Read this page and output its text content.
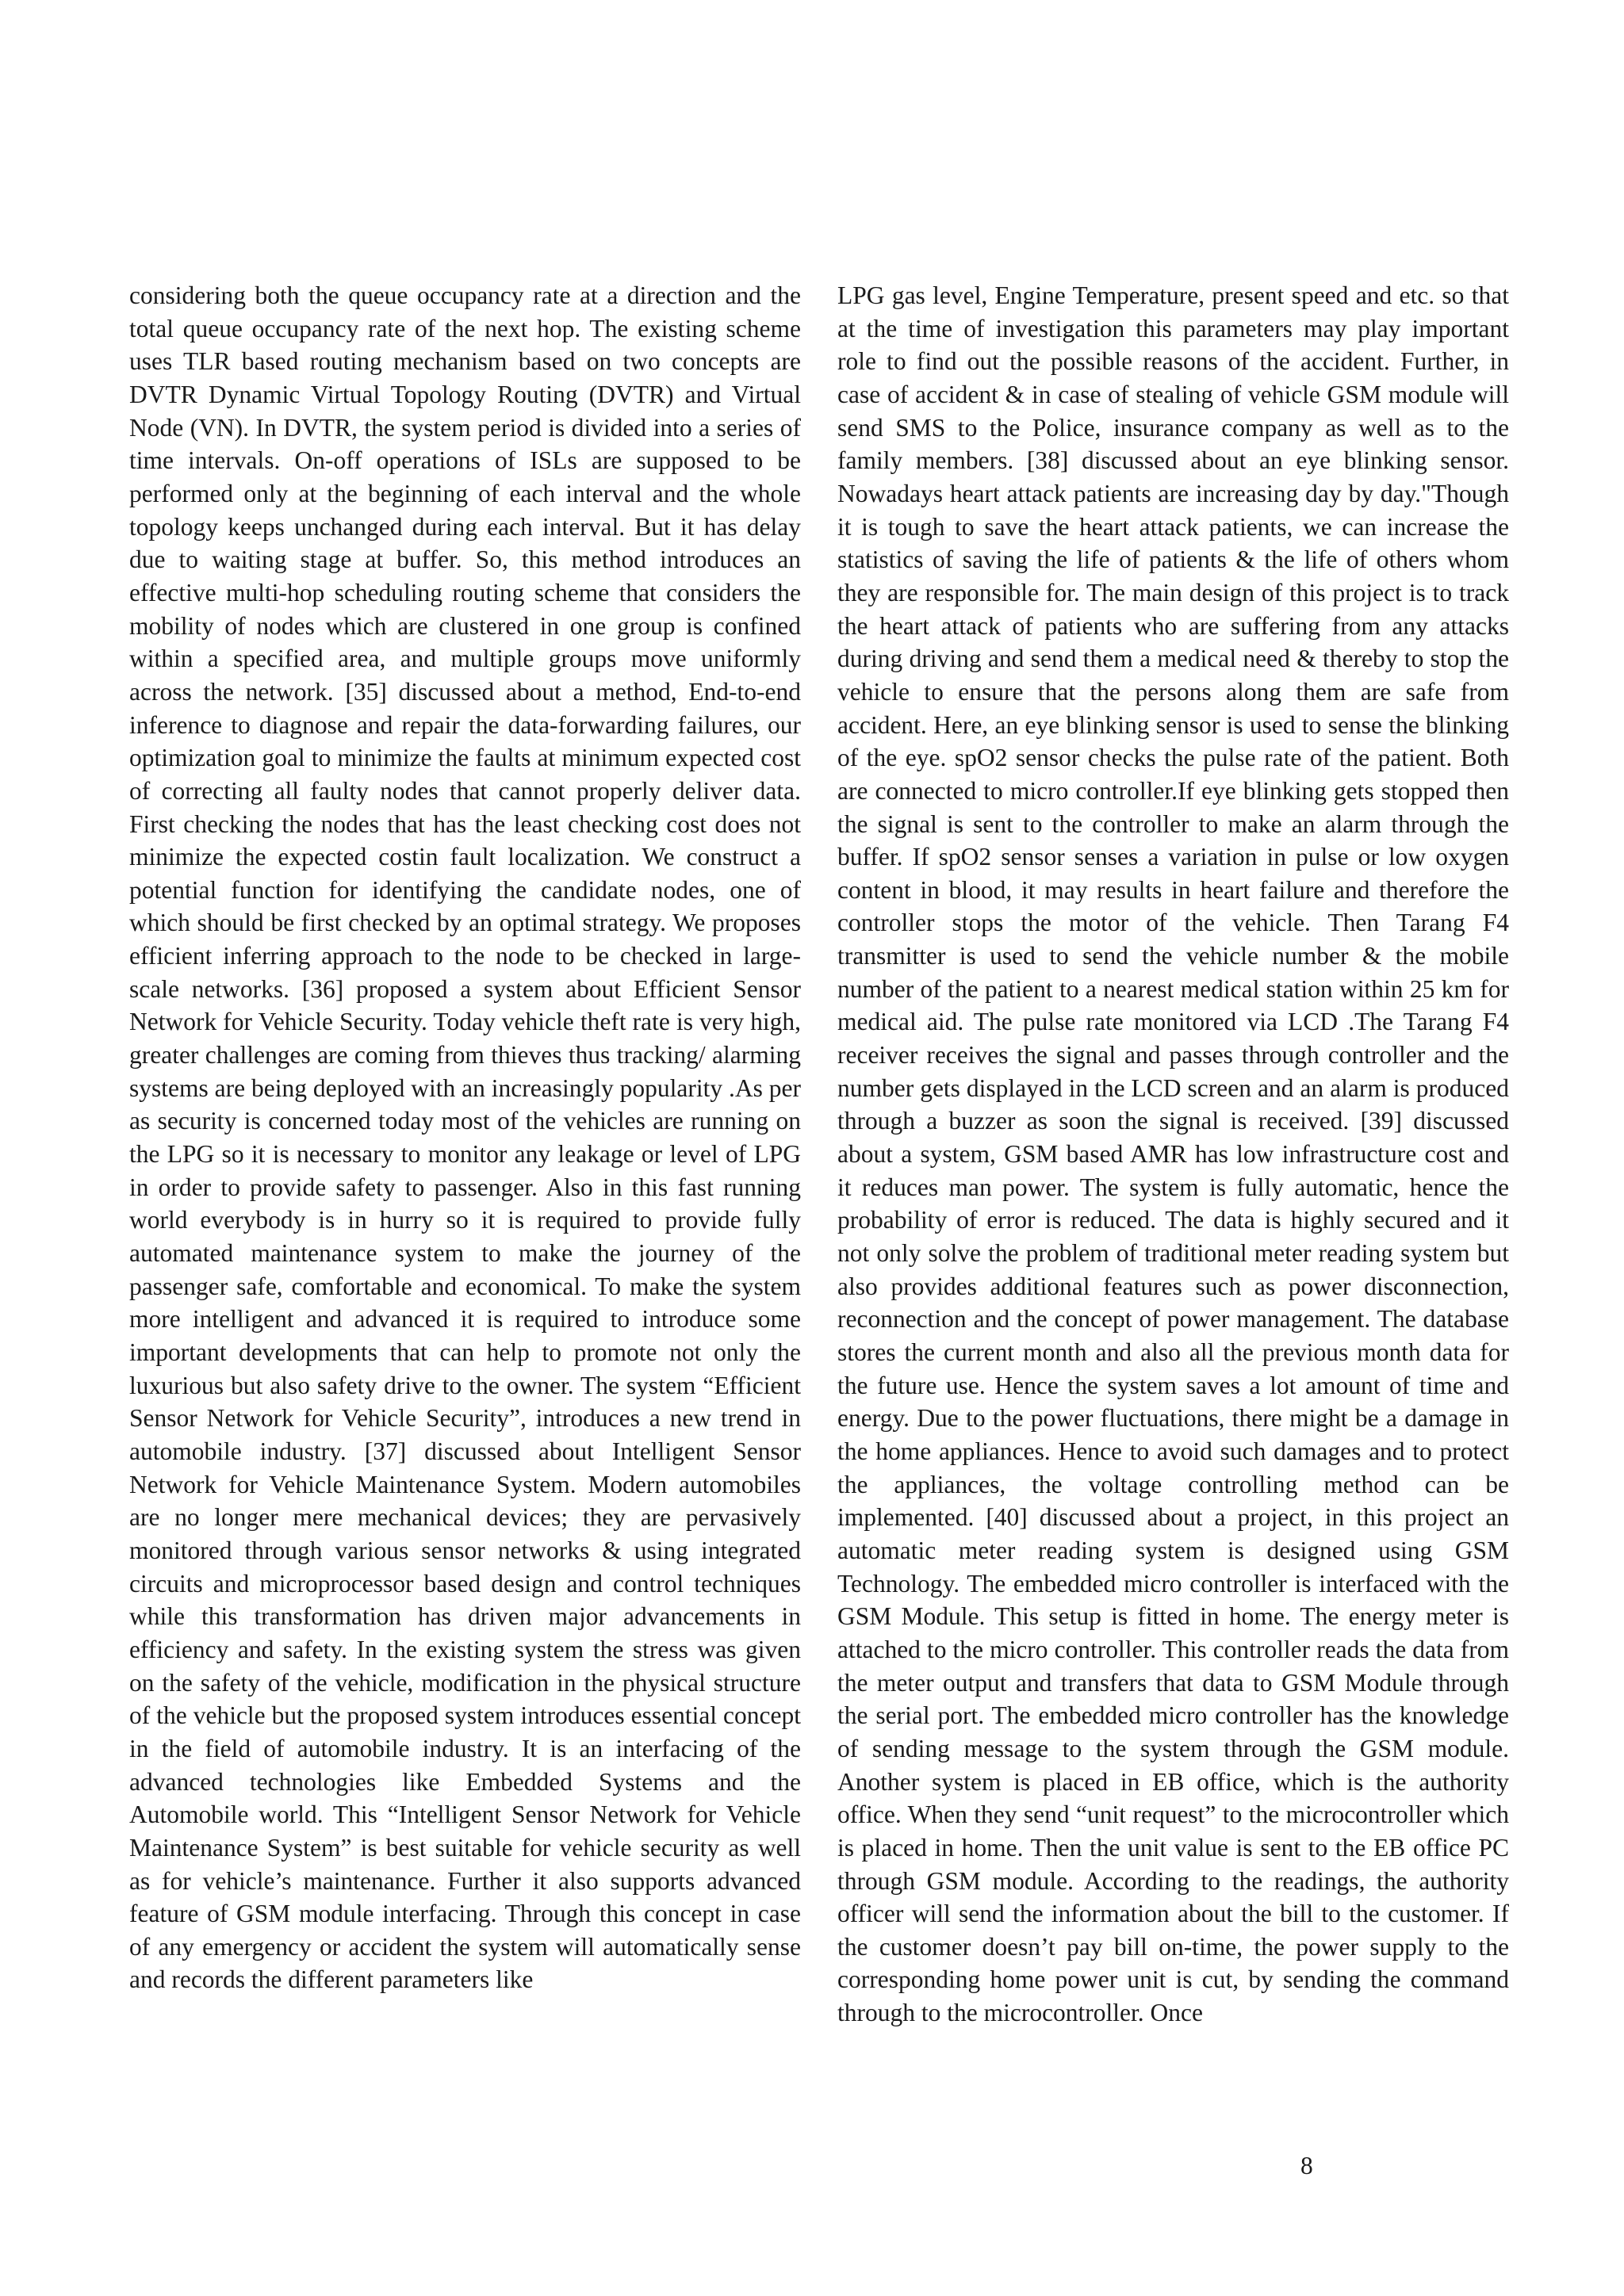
considering both the queue occupancy rate at a direction and the total queue occupancy rate of the next hop. The existing scheme uses TLR based routing mechanism based on two concepts are DVTR Dynamic Virtual Topology Routing (DVTR) and Virtual Node (VN). In DVTR, the system period is divided into a series of time intervals. On-off operations of ISLs are supposed to be performed only at the beginning of each interval and the whole topology keeps unchanged during each interval. But it has delay due to waiting stage at buffer. So, this method introduces an effective multi-hop scheduling routing scheme that considers the mobility of nodes which are clustered in one group is confined within a specified area, and multiple groups move uniformly across the network. [35] discussed about a method, End-to-end inference to diagnose and repair the data-forwarding failures, our optimization goal to minimize the faults at minimum expected cost of correcting all faulty nodes that cannot properly deliver data. First checking the nodes that has the least checking cost does not minimize the expected costin fault localization. We construct a potential function for identifying the candidate nodes, one of which should be first checked by an optimal strategy. We proposes efficient inferring approach to the node to be checked in large-scale networks. [36] proposed a system about Efficient Sensor Network for Vehicle Security. Today vehicle theft rate is very high, greater challenges are coming from thieves thus tracking/ alarming systems are being deployed with an increasingly popularity .As per as security is concerned today most of the vehicles are running on the LPG so it is necessary to monitor any leakage or level of LPG in order to provide safety to passenger. Also in this fast running world everybody is in hurry so it is required to provide fully automated maintenance system to make the journey of the passenger safe, comfortable and economical. To make the system more intelligent and advanced it is required to introduce some important developments that can help to promote not only the luxurious but also safety drive to the owner. The system “Efficient Sensor Network for Vehicle Security”, introduces a new trend in automobile industry. [37] discussed about Intelligent Sensor Network for Vehicle Maintenance System. Modern automobiles are no longer mere mechanical devices; they are pervasively monitored through various sensor networks & using integrated circuits and microprocessor based design and control techniques while this transformation has driven major advancements in efficiency and safety. In the existing system the stress was given on the safety of the vehicle, modification in the physical structure of the vehicle but the proposed system introduces essential concept in the field of automobile industry. It is an interfacing of the advanced technologies like Embedded Systems and the Automobile world. This “Intelligent Sensor Network for Vehicle Maintenance System” is best suitable for vehicle security as well as for vehicle’s maintenance. Further it also supports advanced feature of GSM module interfacing. Through this concept in case of any emergency or accident the system will automatically sense and records the different parameters like

LPG gas level, Engine Temperature, present speed and etc. so that at the time of investigation this parameters may play important role to find out the possible reasons of the accident. Further, in case of accident & in case of stealing of vehicle GSM module will send SMS to the Police, insurance company as well as to the family members. [38] discussed about an eye blinking sensor. Nowadays heart attack patients are increasing day by day."Though it is tough to save the heart attack patients, we can increase the statistics of saving the life of patients & the life of others whom they are responsible for. The main design of this project is to track the heart attack of patients who are suffering from any attacks during driving and send them a medical need & thereby to stop the vehicle to ensure that the persons along them are safe from accident. Here, an eye blinking sensor is used to sense the blinking of the eye. spO2 sensor checks the pulse rate of the patient. Both are connected to micro controller.If eye blinking gets stopped then the signal is sent to the controller to make an alarm through the buffer. If spO2 sensor senses a variation in pulse or low oxygen content in blood, it may results in heart failure and therefore the controller stops the motor of the vehicle. Then Tarang F4 transmitter is used to send the vehicle number & the mobile number of the patient to a nearest medical station within 25 km for medical aid. The pulse rate monitored via LCD .The Tarang F4 receiver receives the signal and passes through controller and the number gets displayed in the LCD screen and an alarm is produced through a buzzer as soon the signal is received. [39] discussed about a system, GSM based AMR has low infrastructure cost and it reduces man power. The system is fully automatic, hence the probability of error is reduced. The data is highly secured and it not only solve the problem of traditional meter reading system but also provides additional features such as power disconnection, reconnection and the concept of power management. The database stores the current month and also all the previous month data for the future use. Hence the system saves a lot amount of time and energy. Due to the power fluctuations, there might be a damage in the home appliances. Hence to avoid such damages and to protect the appliances, the voltage controlling method can be implemented. [40] discussed about a project, in this project an automatic meter reading system is designed using GSM Technology. The embedded micro controller is interfaced with the GSM Module. This setup is fitted in home. The energy meter is attached to the micro controller. This controller reads the data from the meter output and transfers that data to GSM Module through the serial port. The embedded micro controller has the knowledge of sending message to the system through the GSM module. Another system is placed in EB office, which is the authority office. When they send “unit request” to the microcontroller which is placed in home. Then the unit value is sent to the EB office PC through GSM module. According to the readings, the authority officer will send the information about the bill to the customer. If the customer doesn’t pay bill on-time, the power supply to the corresponding home power unit is cut, by sending the command through to the microcontroller. Once

8
